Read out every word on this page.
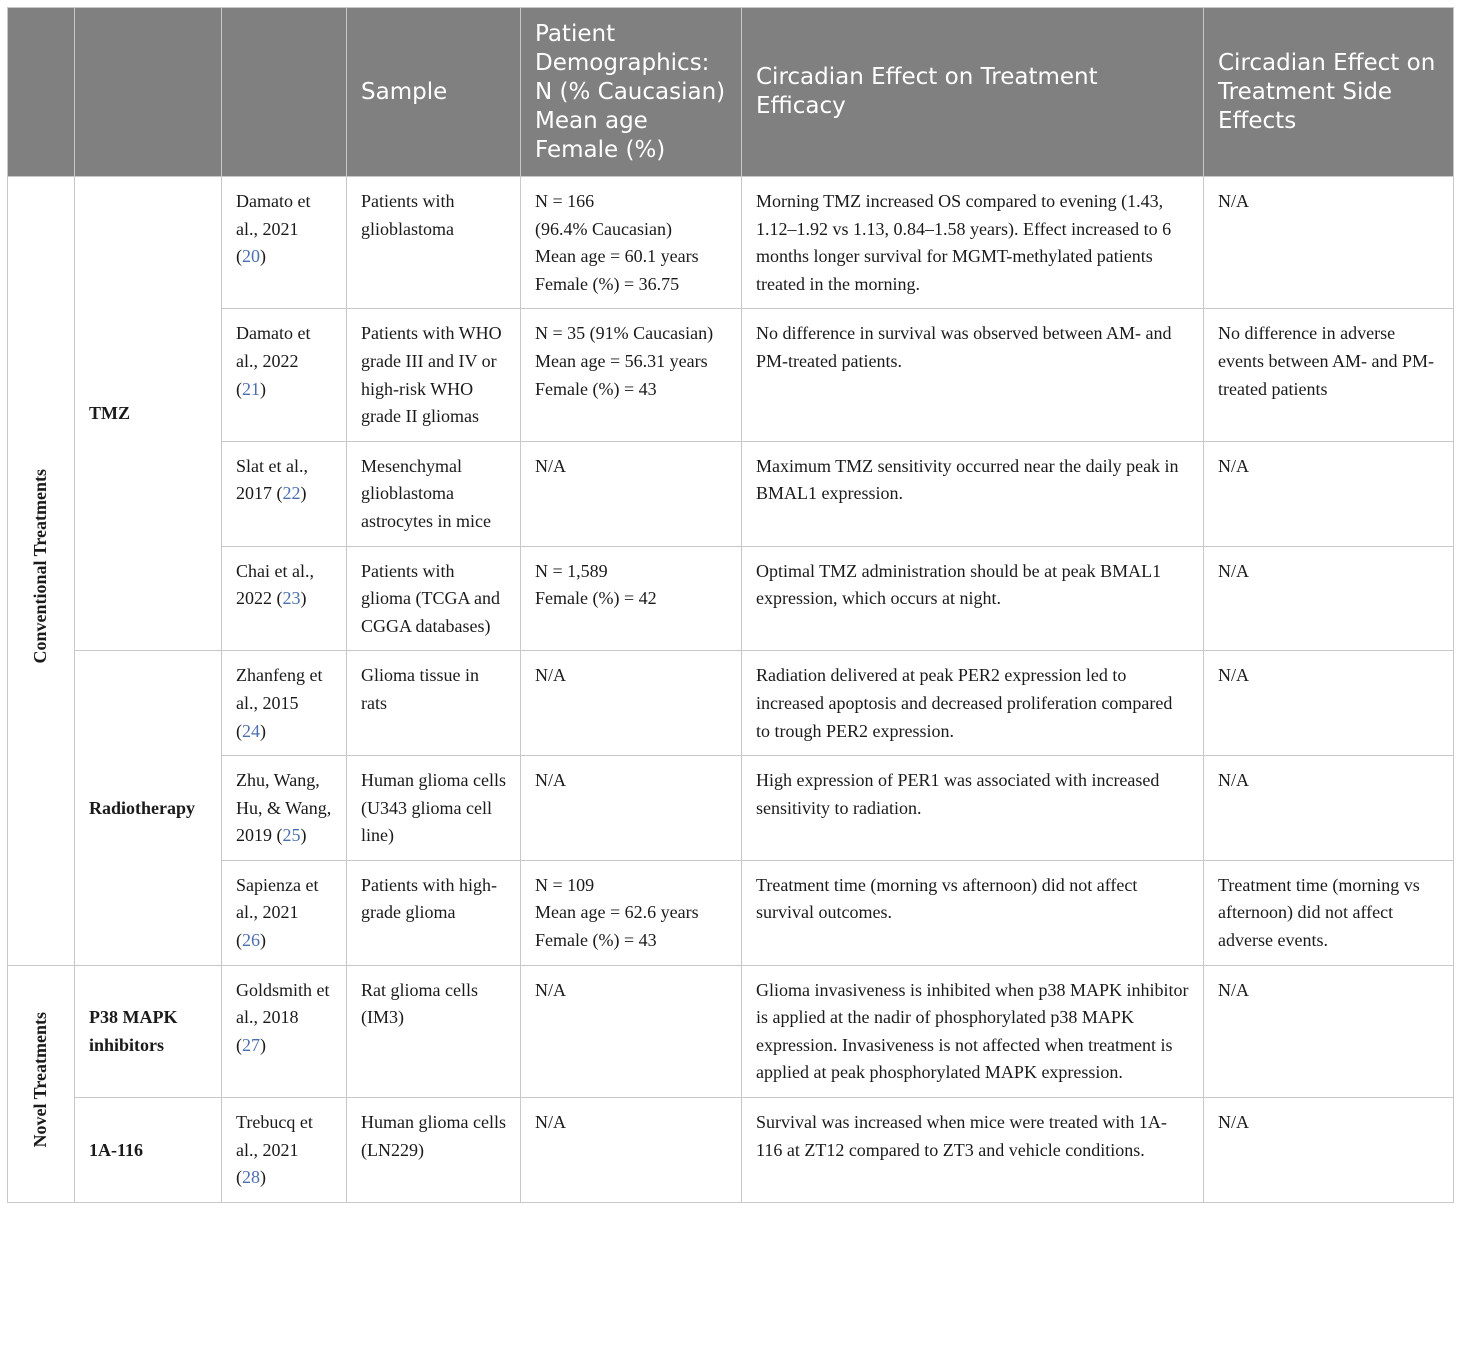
			Sample	Patient Demographics: N (% Caucasian) Mean age Female (%)	Circadian Effect on Treatment Efficacy	Circadian Effect on Treatment Side Effects
Conventional Treatments	TMZ	Damato et al., 2021 (20)	Patients with glioblastoma	N = 166
(96.4% Caucasian)
Mean age = 60.1 years
Female (%) = 36.75	Morning TMZ increased OS compared to evening (1.43, 1.12–1.92 vs 1.13, 0.84–1.58 years). Effect increased to 6 months longer survival for MGMT-methylated patients treated in the morning.	N/A
		Damato et al., 2022 (21)	Patients with WHO grade III and IV or high-risk WHO grade II gliomas	N = 35 (91% Caucasian)
Mean age = 56.31 years
Female (%) = 43	No difference in survival was observed between AM- and PM-treated patients.	No difference in adverse events between AM- and PM-treated patients
		Slat et al., 2017 (22)	Mesenchymal glioblastoma astrocytes in mice	N/A	Maximum TMZ sensitivity occurred near the daily peak in BMAL1 expression.	N/A
		Chai et al., 2022 (23)	Patients with glioma (TCGA and CGGA databases)	N = 1,589
Female (%) = 42	Optimal TMZ administration should be at peak BMAL1 expression, which occurs at night.	N/A
	Radiotherapy	Zhanfeng et al., 2015 (24)	Glioma tissue in rats	N/A	Radiation delivered at peak PER2 expression led to increased apoptosis and decreased proliferation compared to trough PER2 expression.	N/A
		Zhu, Wang, Hu, & Wang, 2019 (25)	Human glioma cells (U343 glioma cell line)	N/A	High expression of PER1 was associated with increased sensitivity to radiation.	N/A
		Sapienza et al., 2021 (26)	Patients with high-grade glioma	N = 109
Mean age = 62.6 years
Female (%) = 43	Treatment time (morning vs afternoon) did not affect survival outcomes.	Treatment time (morning vs afternoon) did not affect adverse events.
Novel Treatments	P38 MAPK inhibitors	Goldsmith et al., 2018 (27)	Rat glioma cells (IM3)	N/A	Glioma invasiveness is inhibited when p38 MAPK inhibitor is applied at the nadir of phosphorylated p38 MAPK expression. Invasiveness is not affected when treatment is applied at peak phosphorylated MAPK expression.	N/A
	1A-116	Trebucq et al., 2021 (28)	Human glioma cells (LN229)	N/A	Survival was increased when mice were treated with 1A-116 at ZT12 compared to ZT3 and vehicle conditions.	N/A
